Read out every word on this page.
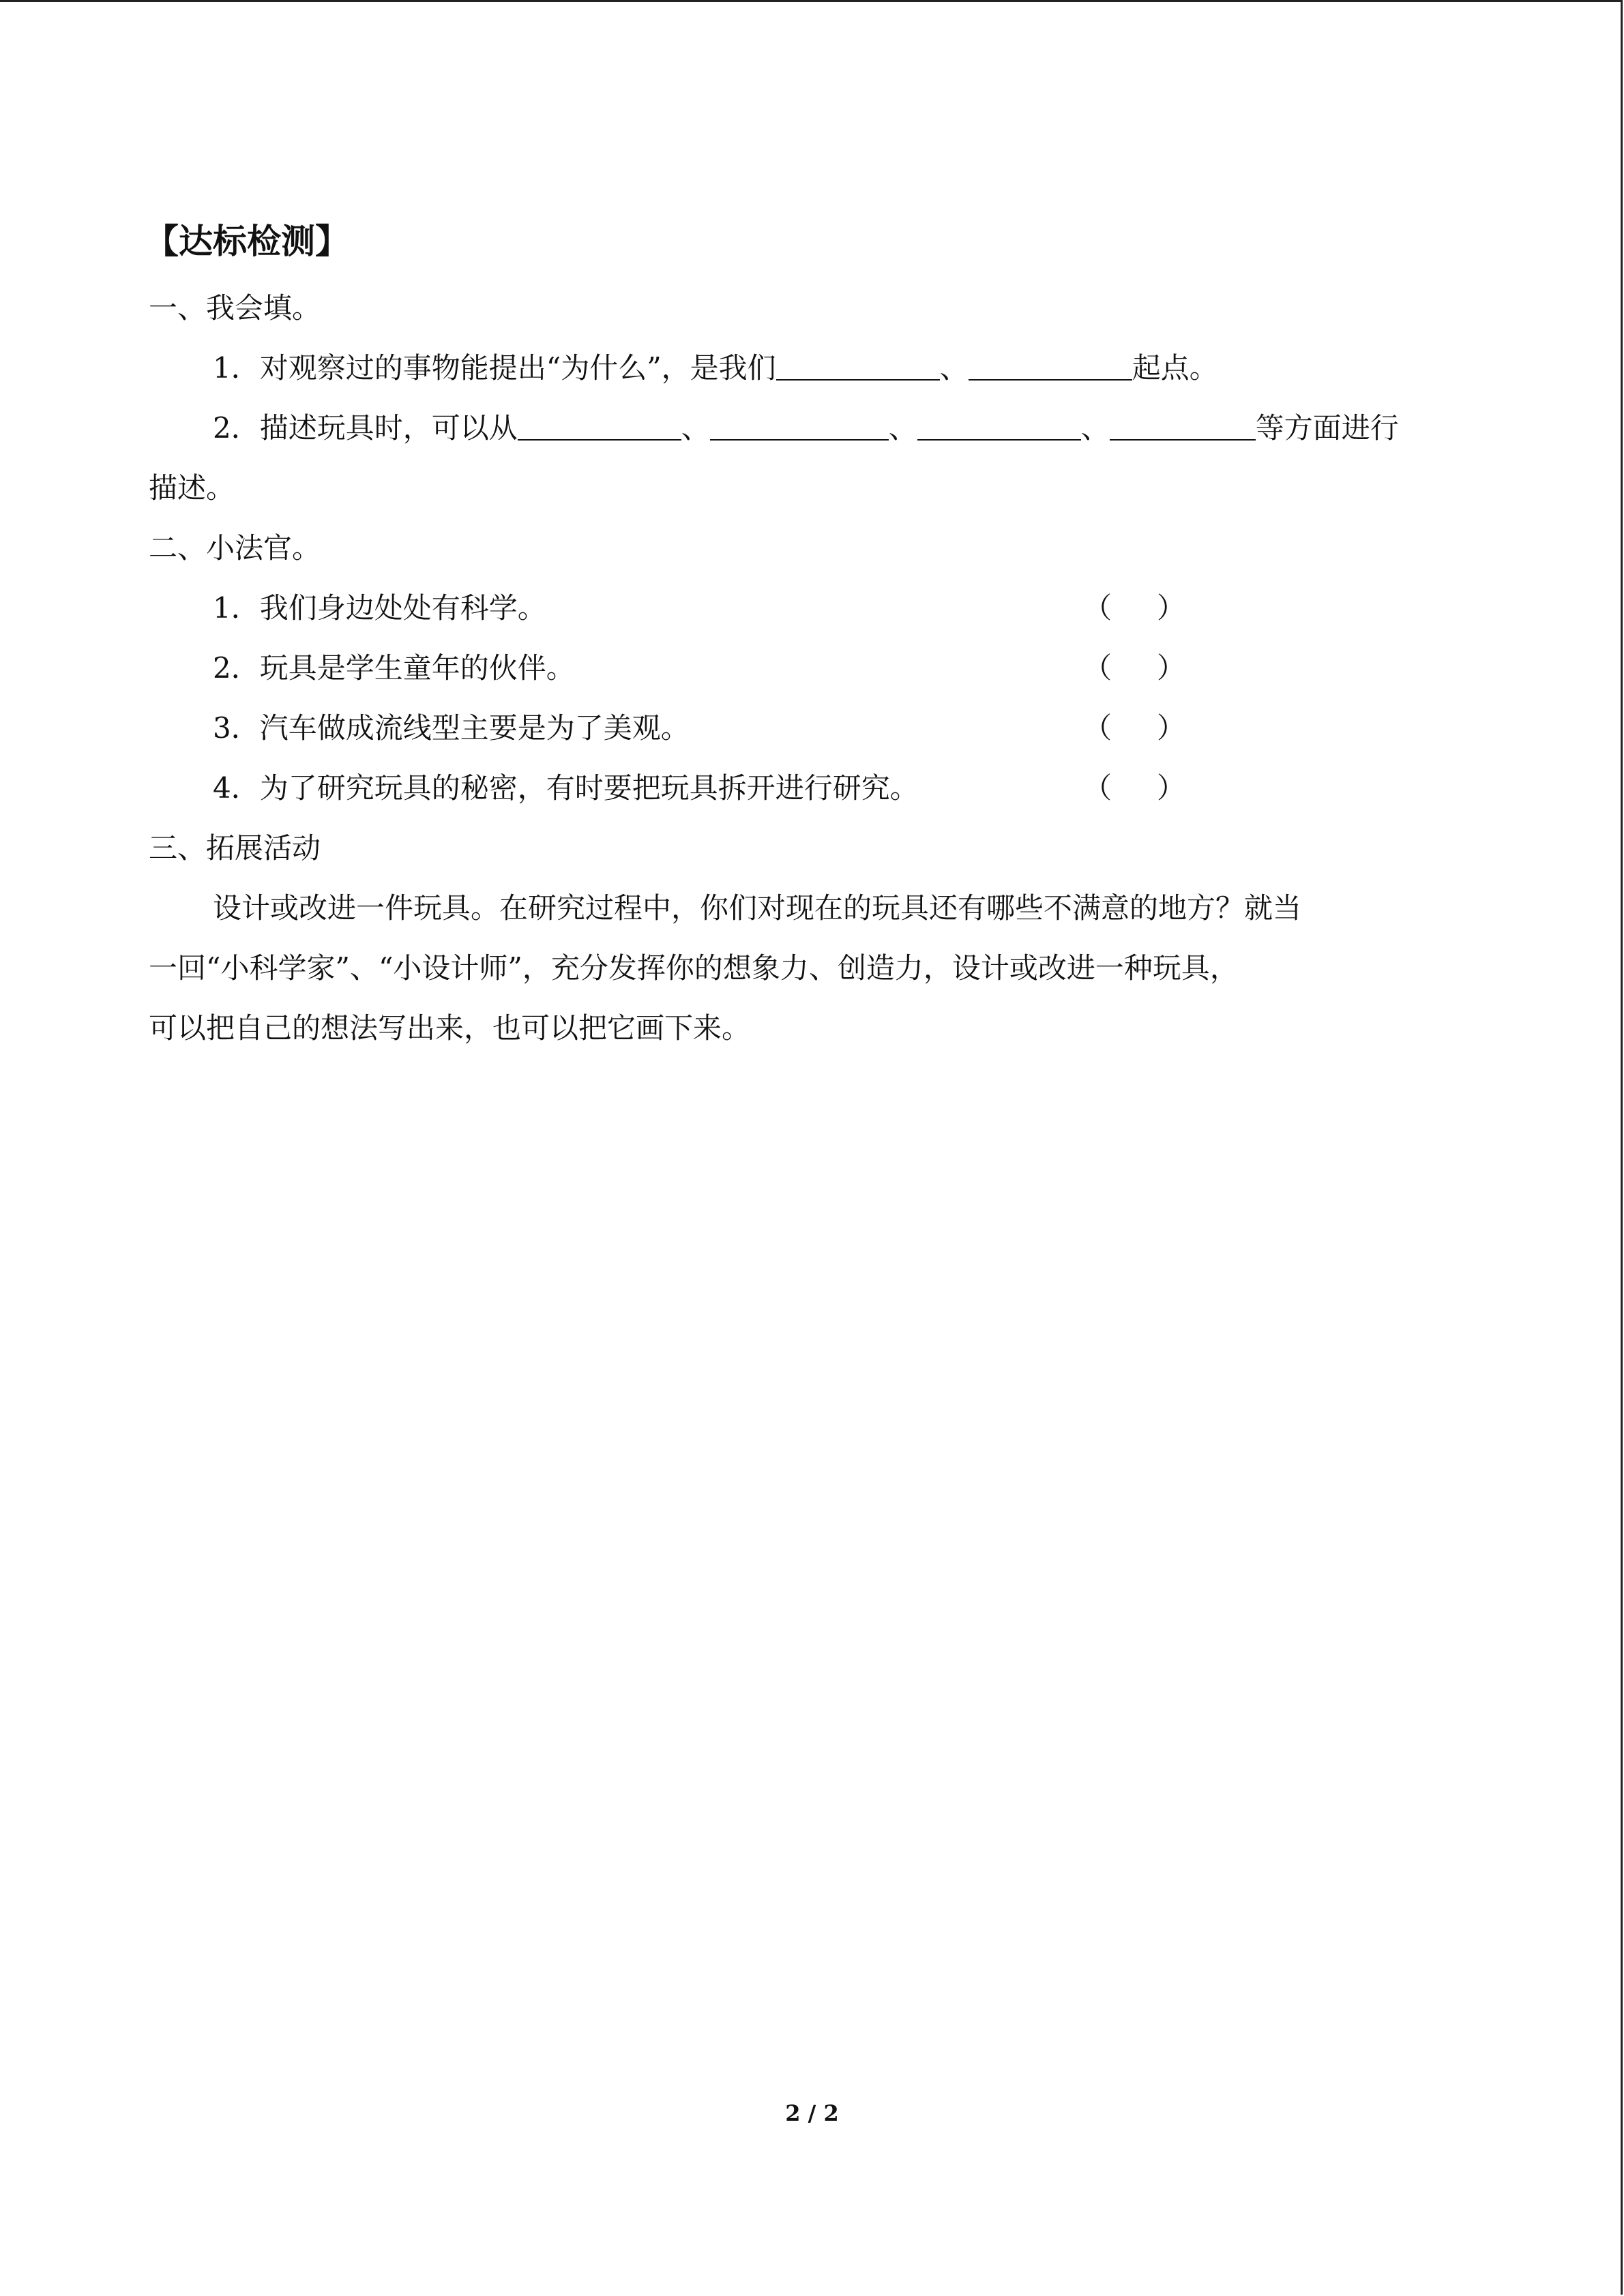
【达标检测】
一、我会填。
1．对观察过的事物能提出“为什么”，是我们	、	起点。
2．描述玩具时，可以从	、	、	、	等方面进行
描述。
二、小法官。
1．我们身边处处有科学。	（ ）
2．玩具是学生童年的伙伴。	（ ）
3．汽车做成流线型主要是为了美观。	（ ）
4．为了研究玩具的秘密，有时要把玩具拆开进行研究。	（ ）
三、拓展活动
设计或改进一件玩具。在研究过程中，你们对现在的玩具还有哪些不满意的地方？就当
一回“小科学家”、“小设计师”，充分发挥你的想象力、创造力，设计或改进一种玩具，
可以把自己的想法写出来，也可以把它画下来。
2 / 2
